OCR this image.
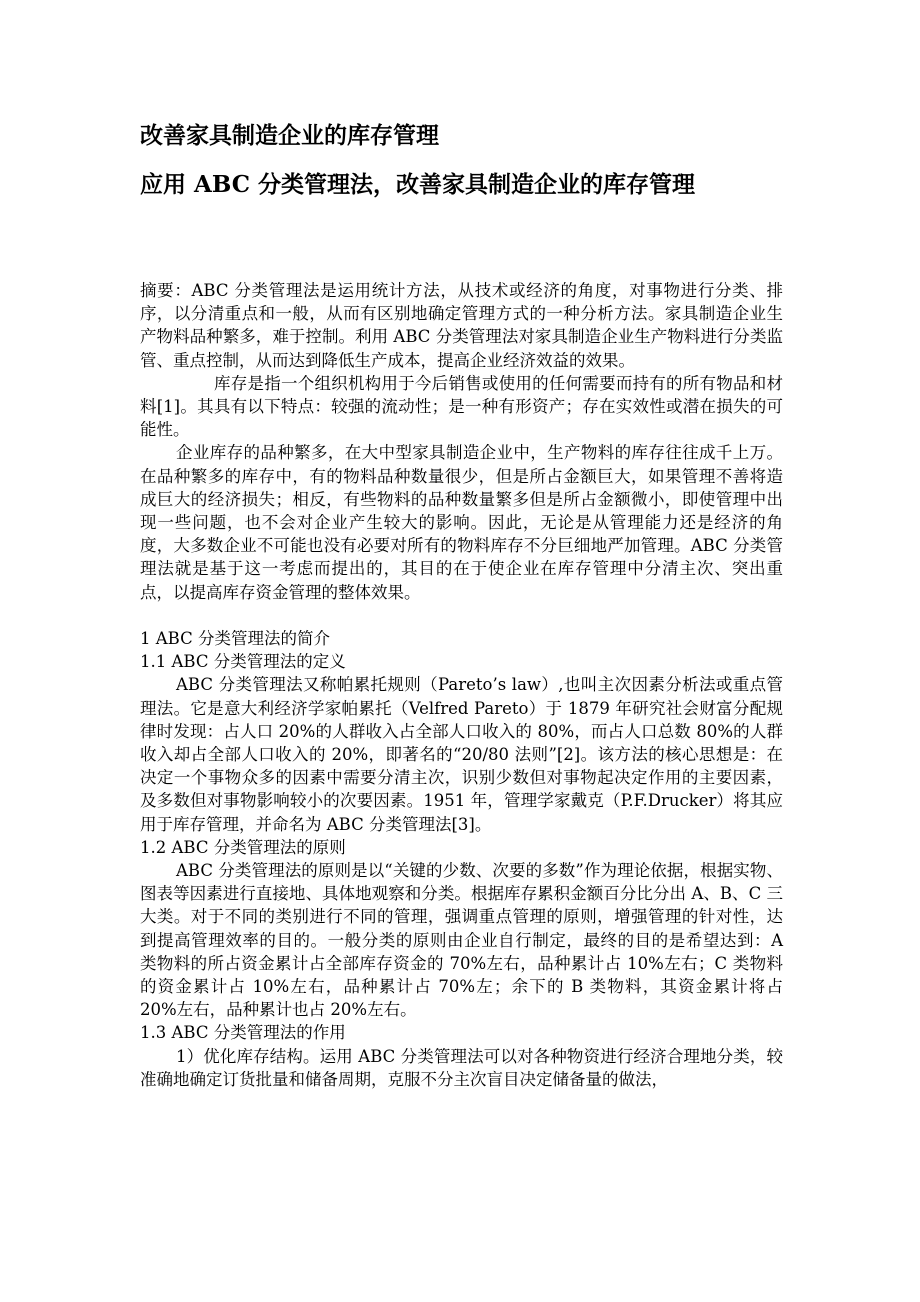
改善家具制造企业的库存管理
应用 ABC 分类管理法，改善家具制造企业的库存管理

摘要：ABC 分类管理法是运用统计方法，从技术或经济的角度，对事物进行分类、排序，以分清重点和一般，从而有区别地确定管理方式的一种分析方法。家具制造企业生产物料品种繁多，难于控制。利用 ABC 分类管理法对家具制造企业生产物料进行分类监管、重点控制，从而达到降低生产成本，提高企业经济效益的效果。

库存是指一个组织机构用于今后销售或使用的任何需要而持有的所有物品和材料[1]。其具有以下特点：较强的流动性；是一种有形资产；存在实效性或潜在损失的可能性。

企业库存的品种繁多，在大中型家具制造企业中，生产物料的库存往往成千上万。在品种繁多的库存中，有的物料品种数量很少，但是所占金额巨大，如果管理不善将造成巨大的经济损失；相反，有些物料的品种数量繁多但是所占金额微小，即使管理中出现一些问题，也不会对企业产生较大的影响。因此，无论是从管理能力还是经济的角度，大多数企业不可能也没有必要对所有的物料库存不分巨细地严加管理。ABC 分类管理法就是基于这一考虑而提出的，其目的在于使企业在库存管理中分清主次、突出重点，以提高库存资金管理的整体效果。

1 ABC 分类管理法的简介

1.1 ABC 分类管理法的定义

ABC 分类管理法又称帕累托规则（Pareto’s law）,也叫主次因素分析法或重点管理法。它是意大利经济学家帕累托（Velfred Pareto）于 1879 年研究社会财富分配规律时发现：占人口 20%的人群收入占全部人口收入的 80%，而占人口总数 80%的人群收入却占全部人口收入的 20%，即著名的“20/80 法则”[2]。该方法的核心思想是：在决定一个事物众多的因素中需要分清主次，识别少数但对事物起决定作用的主要因素，及多数但对事物影响较小的次要因素。1951 年，管理学家戴克（P.F.Drucker）将其应用于库存管理，并命名为 ABC 分类管理法[3]。

1.2 ABC 分类管理法的原则

ABC 分类管理法的原则是以“关键的少数、次要的多数”作为理论依据，根据实物、图表等因素进行直接地、具体地观察和分类。根据库存累积金额百分比分出 A、B、C 三大类。对于不同的类别进行不同的管理，强调重点管理的原则，增强管理的针对性，达到提高管理效率的目的。一般分类的原则由企业自行制定，最终的目的是希望达到：A 类物料的所占资金累计占全部库存资金的 70%左右，品种累计占 10%左右；C 类物料的资金累计占 10%左右，品种累计占 70%左；余下的 B 类物料，其资金累计将占 20%左右，品种累计也占 20%左右。

1.3 ABC 分类管理法的作用

1）优化库存结构。运用 ABC 分类管理法可以对各种物资进行经济合理地分类，较准确地确定订货批量和储备周期，克服不分主次盲目决定储备量的做法，
